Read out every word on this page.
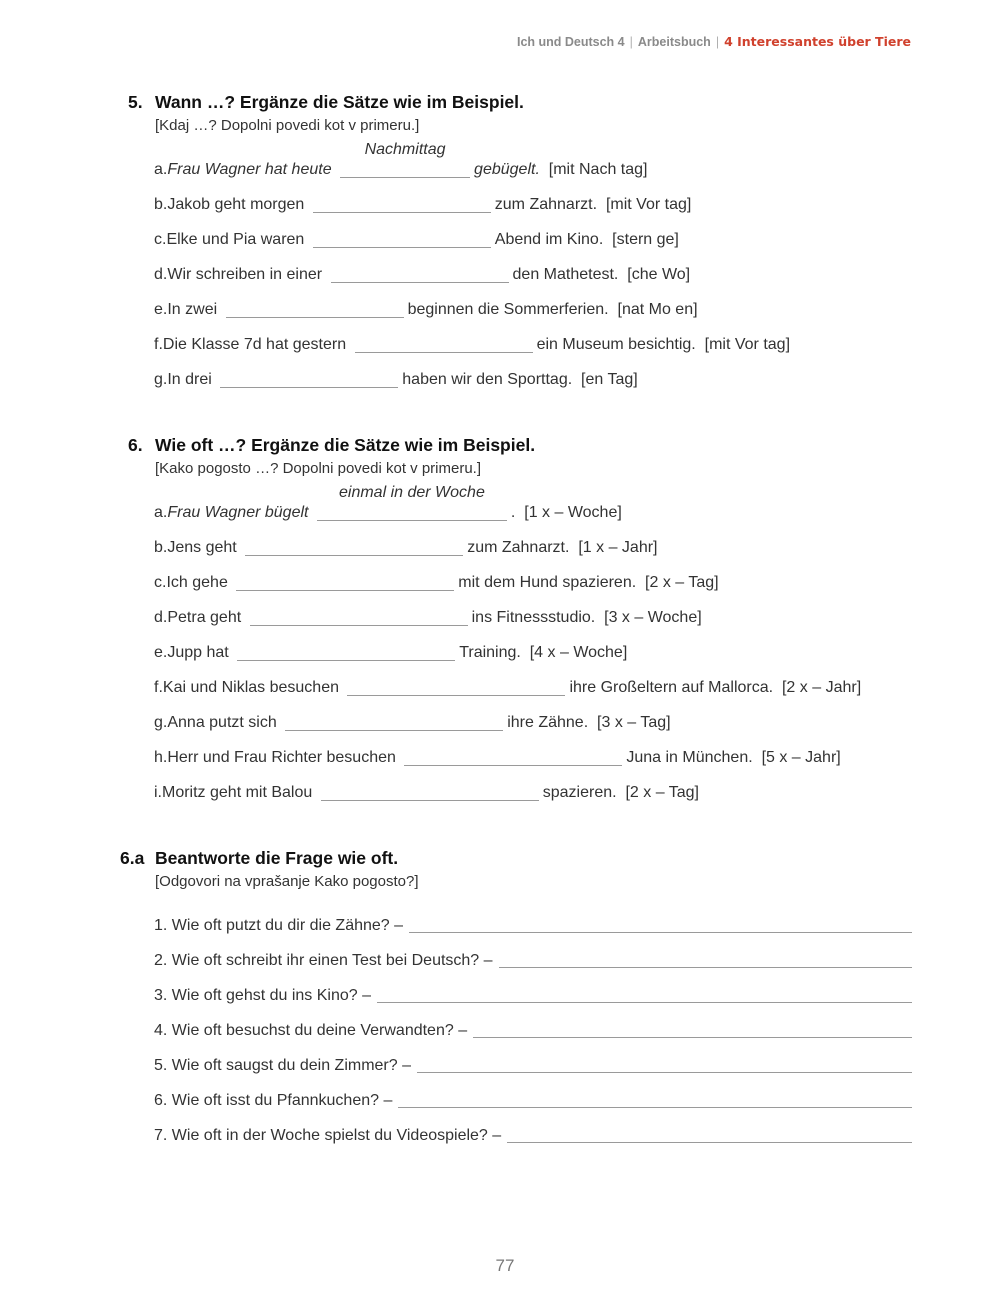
Ich und Deutsch 4 | Arbeitsbuch | 4 Interessantes über Tiere
5. Wann …? Ergänze die Sätze wie im Beispiel.
[Kdaj …? Dopolni povedi kot v primeru.]
a.Frau Wagner hat heute
Nachmittag
gebügelt. [mit Nach tag]
b.Jakob geht morgen	zum Zahnarzt. [mit Vor tag]
c.Elke und Pia waren	Abend im Kino. [stern ge]
d.Wir schreiben in einer	den Mathetest. [che Wo]
e.In zwei	beginnen die Sommerferien. [nat Mo en]
f.Die Klasse 7d hat gestern	ein Museum besichtig. [mit Vor tag]
g.In drei	haben wir den Sporttag. [en Tag]
6. Wie oft …? Ergänze die Sätze wie im Beispiel.
[Kako pogosto …? Dopolni povedi kot v primeru.]
a.Frau Wagner bügelt
einmal in der Woche
. [1 x – Woche]
b.Jens geht	zum Zahnarzt. [1 x – Jahr]
c.Ich gehe	mit dem Hund spazieren. [2 x – Tag]
d.Petra geht	ins Fitnessstudio. [3 x – Woche]
e.Jupp hat	Training. [4 x – Woche]
f.Kai und Niklas besuchen	ihre Großeltern auf Mallorca. [2 x – Jahr]
g.Anna putzt sich	ihre Zähne. [3 x – Tag]
h.Herr und Frau Richter besuchen	Juna in München. [5 x – Jahr]
i.Moritz geht mit Balou	spazieren. [2 x – Tag]
6.a Beantworte die Frage wie oft.
[Odgovori na vprašanje Kako pogosto?]
1. Wie oft putzt du dir die Zähne? –
2. Wie oft schreibt ihr einen Test bei Deutsch? –
3. Wie oft gehst du ins Kino? –
4. Wie oft besuchst du deine Verwandten? –
5. Wie oft saugst du dein Zimmer? –
6. Wie oft isst du Pfannkuchen? –
7. Wie oft in der Woche spielst du Videospiele? –
77
